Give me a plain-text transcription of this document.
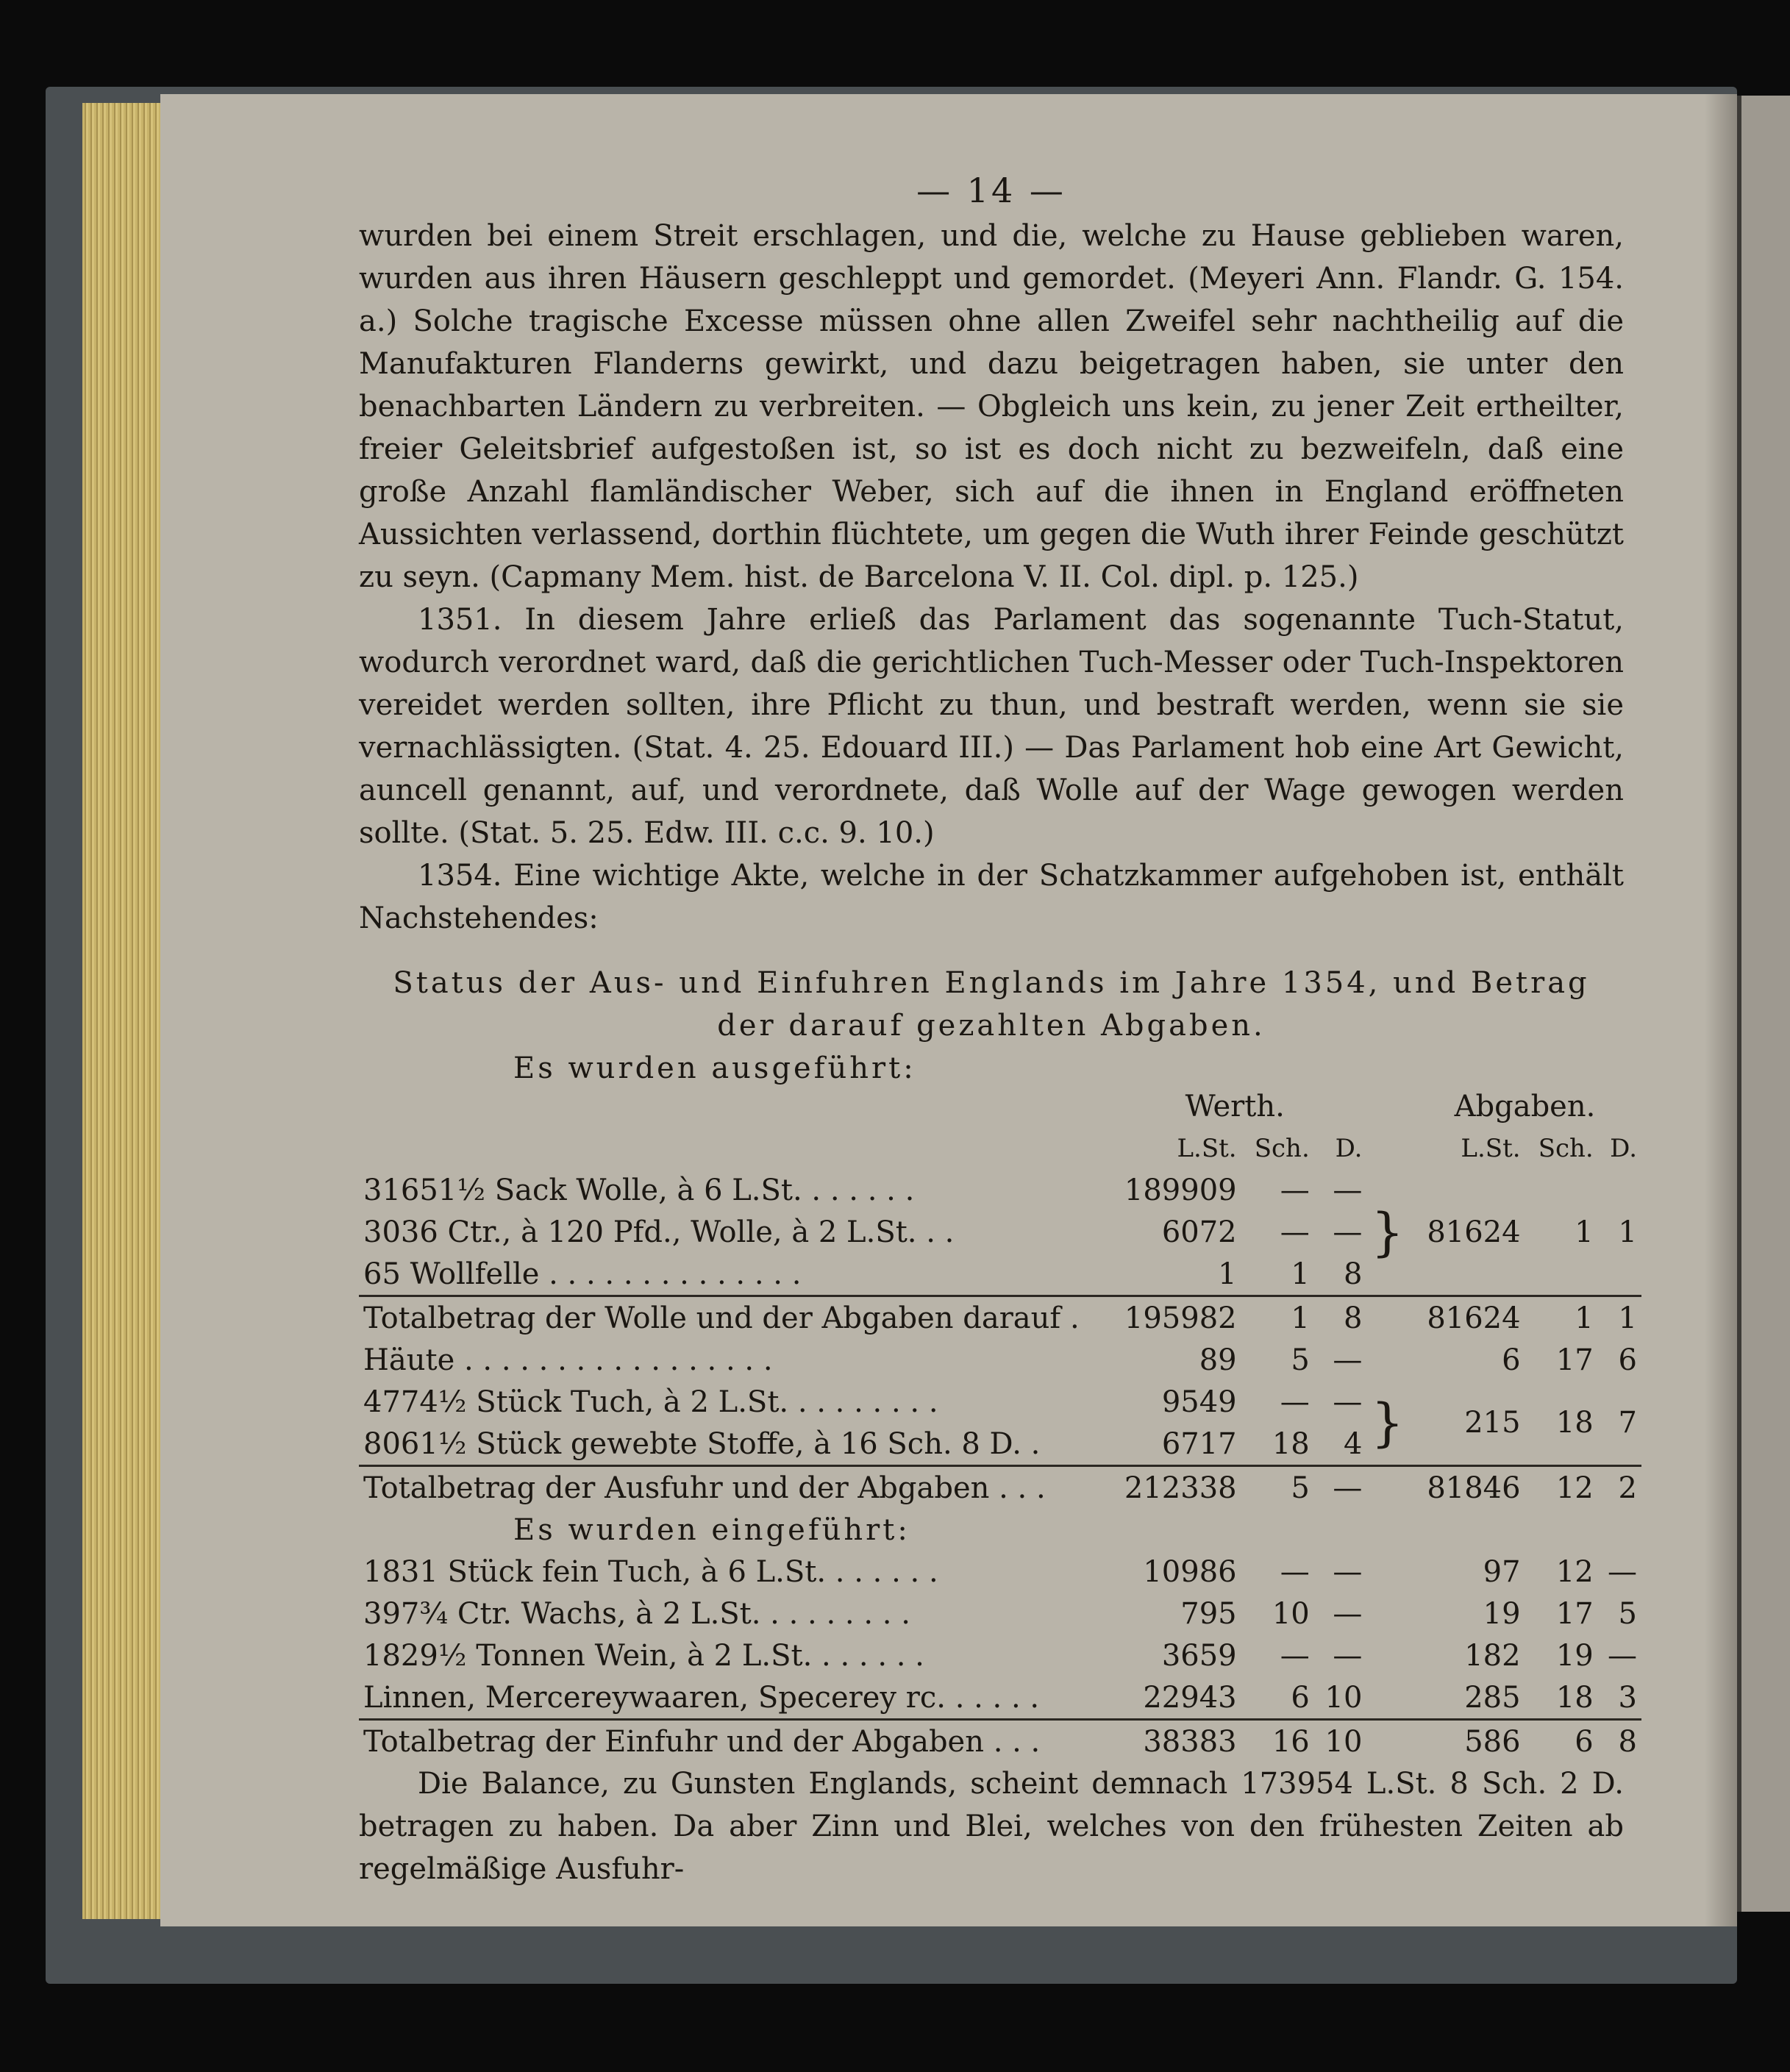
— 14 —
wurden bei einem Streit erschlagen, und die, welche zu Hause geblieben waren, wurden aus ihren Häusern geschleppt und gemordet. (Meyeri Ann. Flandr. G. 154. a.) Solche tragische Excesse müssen ohne allen Zweifel sehr nachtheilig auf die Manufakturen Flanderns gewirkt, und dazu beigetragen haben, sie unter den benachbarten Ländern zu verbreiten. — Obgleich uns kein, zu jener Zeit ertheilter, freier Geleitsbrief aufgestoßen ist, so ist es doch nicht zu bezweifeln, daß eine große Anzahl flamländischer Weber, sich auf die ihnen in England eröffneten Aussichten verlassend, dorthin flüchtete, um gegen die Wuth ihrer Feinde geschützt zu seyn. (Capmany Mem. hist. de Barcelona V. II. Col. dipl. p. 125.)
1351. In diesem Jahre erließ das Parlament das sogenannte Tuch-Statut, wodurch verordnet ward, daß die gerichtlichen Tuch-Messer oder Tuch-Inspektoren vereidet werden sollten, ihre Pflicht zu thun, und bestraft werden, wenn sie sie vernachlässigten. (Stat. 4. 25. Edouard III.) — Das Parlament hob eine Art Gewicht, auncell genannt, auf, und verordnete, daß Wolle auf der Wage gewogen werden sollte. (Stat. 5. 25. Edw. III. c.c. 9. 10.)
1354. Eine wichtige Akte, welche in der Schatzkammer aufgehoben ist, enthält Nachstehendes:
Status der Aus- und Einfuhren Englands im Jahre 1354, und Betrag der darauf gezahlten Abgaben.
Es wurden ausgeführt:
	Werth.				Abgaben.		
	L.St.	Sch.	D.		L.St.	Sch.	D.
31651½ Sack Wolle, à 6 L.St. . . . . . .	189909	—	—	}			
3036 Ctr., à 120 Pfd., Wolle, à 2 L.St. . .	6072	—	—		81624	1	1
65 Wollfelle . . . . . . . . . . . . . .	1	1	8				
Totalbetrag der Wolle und der Abgaben darauf .	195982	1	8		81624	1	1
Häute . . . . . . . . . . . . . . . . .	89	5	—		6	17	6
4774½ Stück Tuch, à 2 L.St. . . . . . . . .	9549	—	—	}	215	18	7
8061½ Stück gewebte Stoffe, à 16 Sch. 8 D. .	6717	18	4				
Totalbetrag der Ausfuhr und der Abgaben . . .	212338	5	—		81846	12	2
Es wurden eingeführt:							
1831 Stück fein Tuch, à 6 L.St. . . . . . .	10986	—	—		97	12	—
397¾ Ctr. Wachs, à 2 L.St. . . . . . . . .	795	10	—		19	17	5
1829½ Tonnen Wein, à 2 L.St. . . . . . .	3659	—	—		182	19	—
Linnen, Mercereywaaren, Specerey rc. . . . . .	22943	6	10		285	18	3
Totalbetrag der Einfuhr und der Abgaben . . .	38383	16	10		586	6	8
Die Balance, zu Gunsten Englands, scheint demnach 173954 L.St. 8 Sch. 2 D. betragen zu haben. Da aber Zinn und Blei, welches von den frühesten Zeiten ab regelmäßige Ausfuhr-
